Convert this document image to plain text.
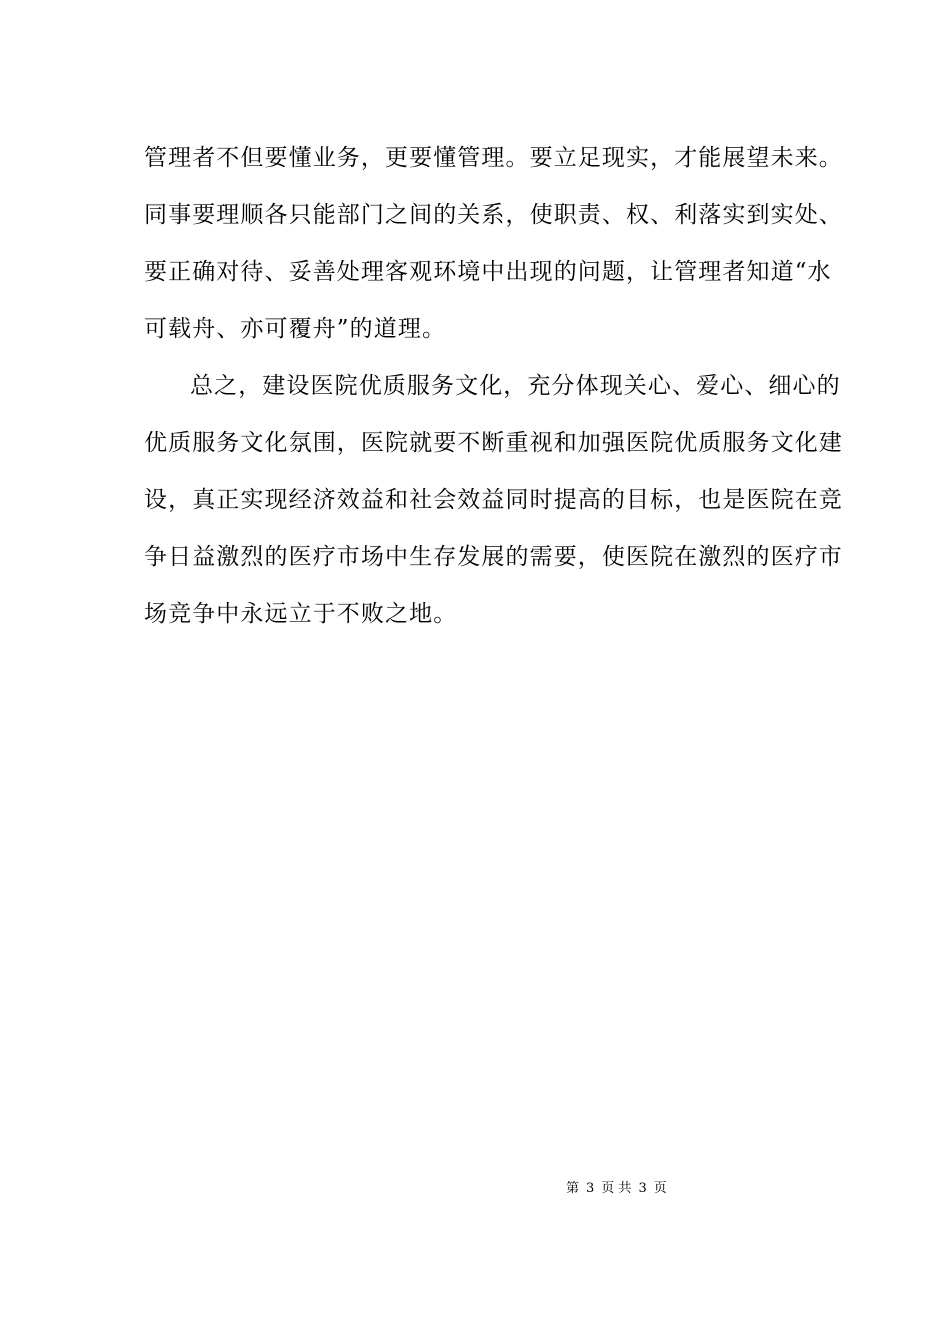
管理者不但要懂业务，更要懂管理。要立足现实，才能展望未来。
同事要理顺各只能部门之间的关系，使职责、权、利落实到实处、
要正确对待、妥善处理客观环境中出现的问题，让管理者知道“水
可载舟、亦可覆舟”的道理。
总之，建设医院优质服务文化，充分体现关心、爱心、细心的
优质服务文化氛围，医院就要不断重视和加强医院优质服务文化建
设，真正实现经济效益和社会效益同时提高的目标，也是医院在竞
争日益激烈的医疗市场中生存发展的需要，使医院在激烈的医疗市
场竞争中永远立于不败之地。
第 3 页 共 3 页
